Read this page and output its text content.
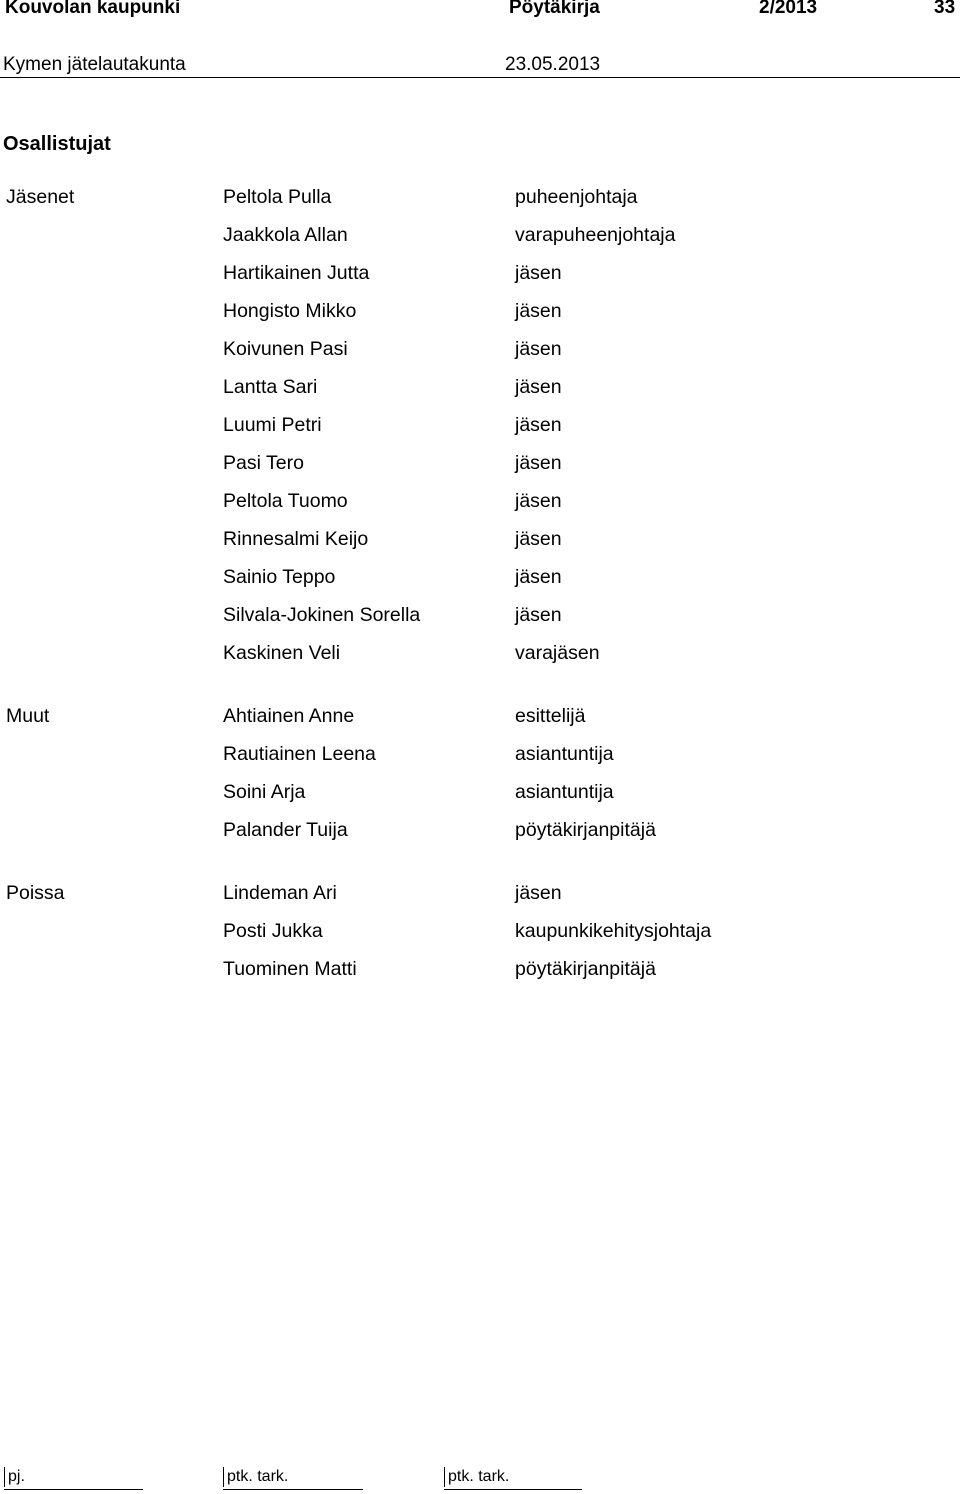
Kouvolan kaupunki	Pöytäkirja	2/2013	33
Kymen jätelautakunta	23.05.2013
Osallistujat
Jäsenet	Peltola Pulla	puheenjohtaja
Jaakkola Allan	varapuheenjohtaja
Hartikainen Jutta	jäsen
Hongisto Mikko	jäsen
Koivunen Pasi	jäsen
Lantta Sari	jäsen
Luumi Petri	jäsen
Pasi Tero	jäsen
Peltola Tuomo	jäsen
Rinnesalmi Keijo	jäsen
Sainio Teppo	jäsen
Silvala-Jokinen Sorella	jäsen
Kaskinen Veli	varajäsen
Muut	Ahtiainen Anne	esittelijä
Rautiainen Leena	asiantuntija
Soini Arja	asiantuntija
Palander Tuija	pöytäkirjanpitäjä
Poissa	Lindeman Ari	jäsen
Posti Jukka	kaupunkikehitysjohtaja
Tuominen Matti	pöytäkirjanpitäjä
pj.	ptk. tark.	ptk. tark.
